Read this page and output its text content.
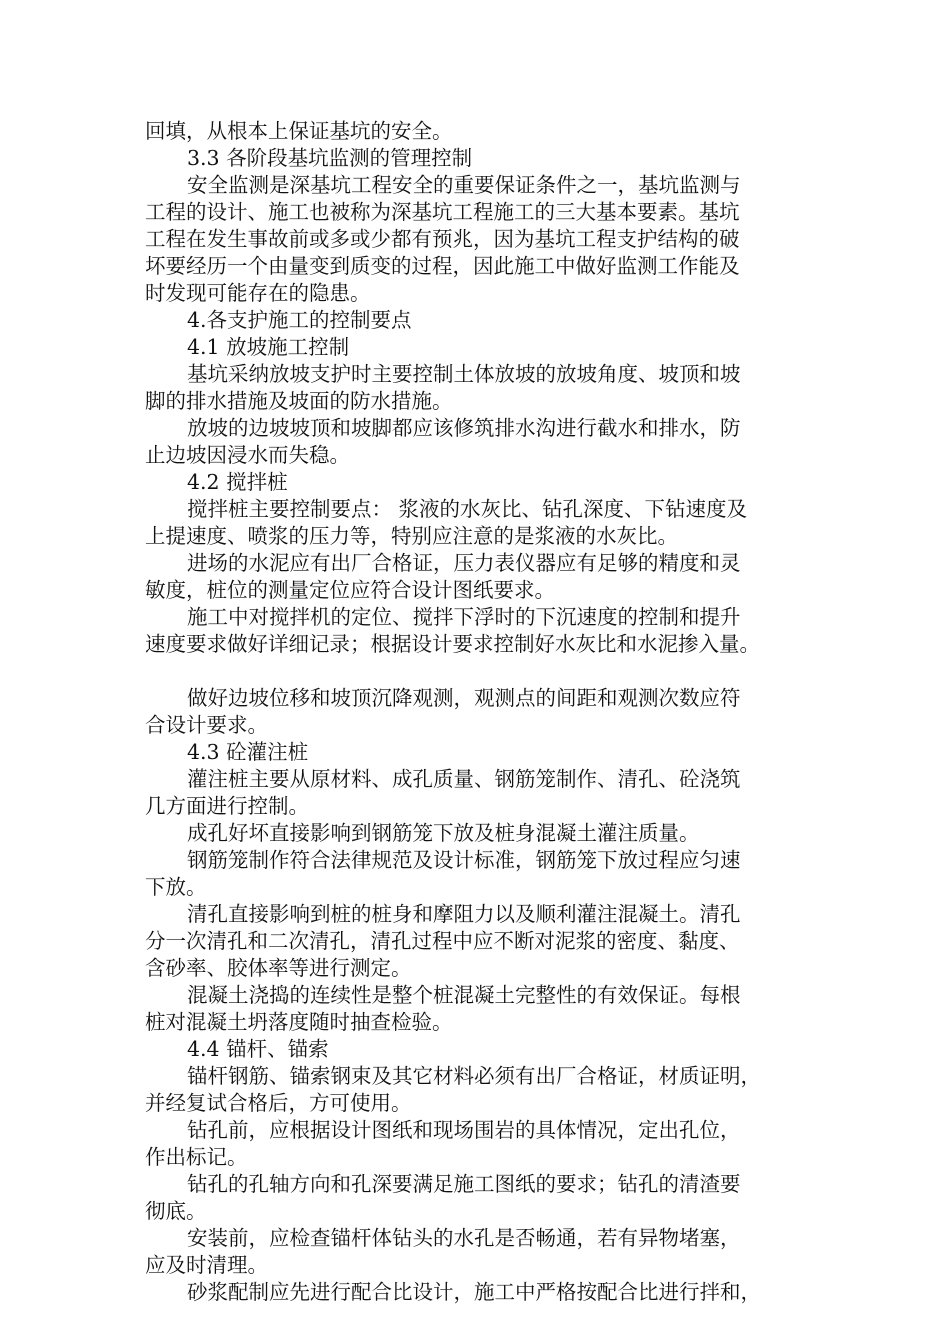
回填，从根本上保证基坑的安全。

3.3 各阶段基坑监测的管理控制

安全监测是深基坑工程安全的重要保证条件之一，基坑监测与

工程的设计、施工也被称为深基坑工程施工的三大基本要素。基坑

工程在发生事故前或多或少都有预兆，因为基坑工程支护结构的破

坏要经历一个由量变到质变的过程，因此施工中做好监测工作能及

时发现可能存在的隐患。

4.各支护施工的控制要点

4.1 放坡施工控制

基坑采纳放坡支护时主要控制土体放坡的放坡角度、坡顶和坡

脚的排水措施及坡面的防水措施。

放坡的边坡坡顶和坡脚都应该修筑排水沟进行截水和排水，防

止边坡因浸水而失稳。

4.2 搅拌桩

搅拌桩主要控制要点： 浆液的水灰比、钻孔深度、下钻速度及

上提速度、喷浆的压力等，特别应注意的是浆液的水灰比。

进场的水泥应有出厂合格证，压力表仪器应有足够的精度和灵

敏度，桩位的测量定位应符合设计图纸要求。

施工中对搅拌机的定位、搅拌下浮时的下沉速度的控制和提升

速度要求做好详细记录；根据设计要求控制好水灰比和水泥掺入量。

做好边坡位移和坡顶沉降观测，观测点的间距和观测次数应符

合设计要求。

4.3 砼灌注桩

灌注桩主要从原材料、成孔质量、钢筋笼制作、清孔、砼浇筑

几方面进行控制。

成孔好坏直接影响到钢筋笼下放及桩身混凝土灌注质量。

钢筋笼制作符合法律规范及设计标准，钢筋笼下放过程应匀速

下放。

清孔直接影响到桩的桩身和摩阻力以及顺利灌注混凝土。清孔

分一次清孔和二次清孔，清孔过程中应不断对泥浆的密度、黏度、

含砂率、胶体率等进行测定。

混凝土浇捣的连续性是整个桩混凝土完整性的有效保证。每根

桩对混凝土坍落度随时抽查检验。

4.4 锚杆、锚索

锚杆钢筋、锚索钢束及其它材料必须有出厂合格证，材质证明，

并经复试合格后，方可使用。

钻孔前，应根据设计图纸和现场围岩的具体情况，定出孔位，

作出标记。

钻孔的孔轴方向和孔深要满足施工图纸的要求；钻孔的清渣要

彻底。

安装前，应检查锚杆体钻头的水孔是否畅通，若有异物堵塞，

应及时清理。

砂浆配制应先进行配合比设计，施工中严格按配合比进行拌和，
